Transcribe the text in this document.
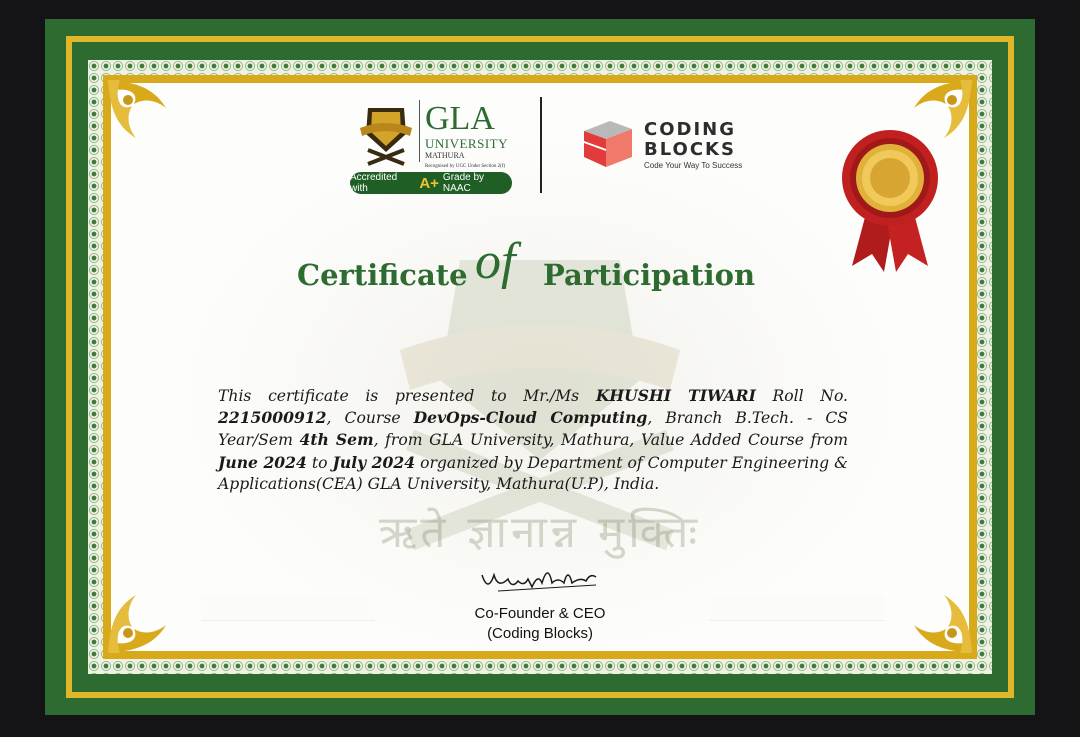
ऋते ज्ञानान्न मुक्तिः
GLA
UNIVERSITY
MATHURA
Recognised by UGC Under Section 2(f)
Accredited with	A+ Grade by NAAC
CODING
BLOCKS
Code Your Way To Success
Certificate of Participation
This certificate is presented to Mr./Ms KHUSHI TIWARI Roll No. 2215000912, Course DevOps-Cloud Computing, Branch B.Tech. - CS Year/Sem 4th Sem, from GLA University, Mathura, Value Added Course from June 2024 to July 2024 organized by Department of Computer Engineering & Applications(CEA) GLA University, Mathura(U.P), India.
Co-Founder & CEO
(Coding Blocks)
